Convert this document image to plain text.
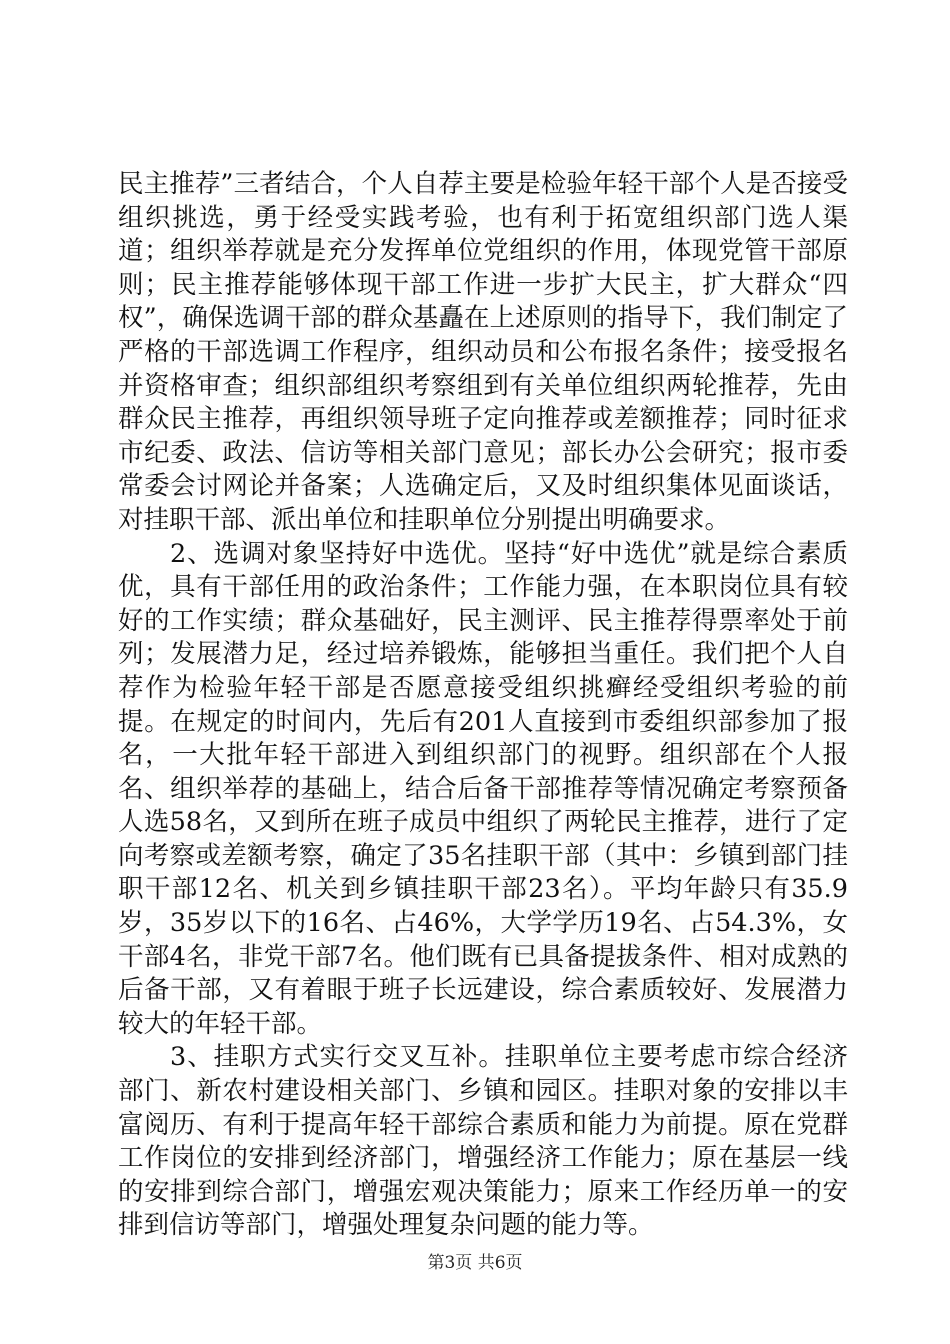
民主推荐”三者结合，个人自荐主要是检验年轻干部个人是否接受组织挑选，勇于经受实践考验，也有利于拓宽组织部门选人渠道；组织举荐就是充分发挥单位党组织的作用，体现党管干部原则；民主推荐能够体现干部工作进一步扩大民主，扩大群众“四权”，确保选调干部的群众基矗在上述原则的指导下，我们制定了严格的干部选调工作程序，组织动员和公布报名条件；接受报名并资格审查；组织部组织考察组到有关单位组织两轮推荐，先由群众民主推荐，再组织领导班子定向推荐或差额推荐；同时征求市纪委、政法、信访等相关部门意见；部长办公会研究；报市委常委会讨网论并备案；人选确定后，又及时组织集体见面谈话，对挂职干部、派出单位和挂职单位分别提出明确要求。

2、选调对象坚持好中选优。坚持“好中选优”就是综合素质优，具有干部任用的政治条件；工作能力强，在本职岗位具有较好的工作实绩；群众基础好，民主测评、民主推荐得票率处于前列；发展潜力足，经过培养锻炼，能够担当重任。我们把个人自荐作为检验年轻干部是否愿意接受组织挑癣经受组织考验的前提。在规定的时间内，先后有201人直接到市委组织部参加了报名，一大批年轻干部进入到组织部门的视野。组织部在个人报名、组织举荐的基础上，结合后备干部推荐等情况确定考察预备人选58名，又到所在班子成员中组织了两轮民主推荐，进行了定向考察或差额考察，确定了35名挂职干部（其中：乡镇到部门挂职干部12名、机关到乡镇挂职干部23名）。平均年龄只有35.9岁，35岁以下的16名、占46%，大学学历19名、占54.3%，女干部4名，非党干部7名。他们既有已具备提拔条件、相对成熟的后备干部，又有着眼于班子长远建设，综合素质较好、发展潜力较大的年轻干部。

3、挂职方式实行交叉互补。挂职单位主要考虑市综合经济部门、新农村建设相关部门、乡镇和园区。挂职对象的安排以丰富阅历、有利于提高年轻干部综合素质和能力为前提。原在党群工作岗位的安排到经济部门，增强经济工作能力；原在基层一线的安排到综合部门，增强宏观决策能力；原来工作经历单一的安排到信访等部门，增强处理复杂问题的能力等。

第3页 共6页
